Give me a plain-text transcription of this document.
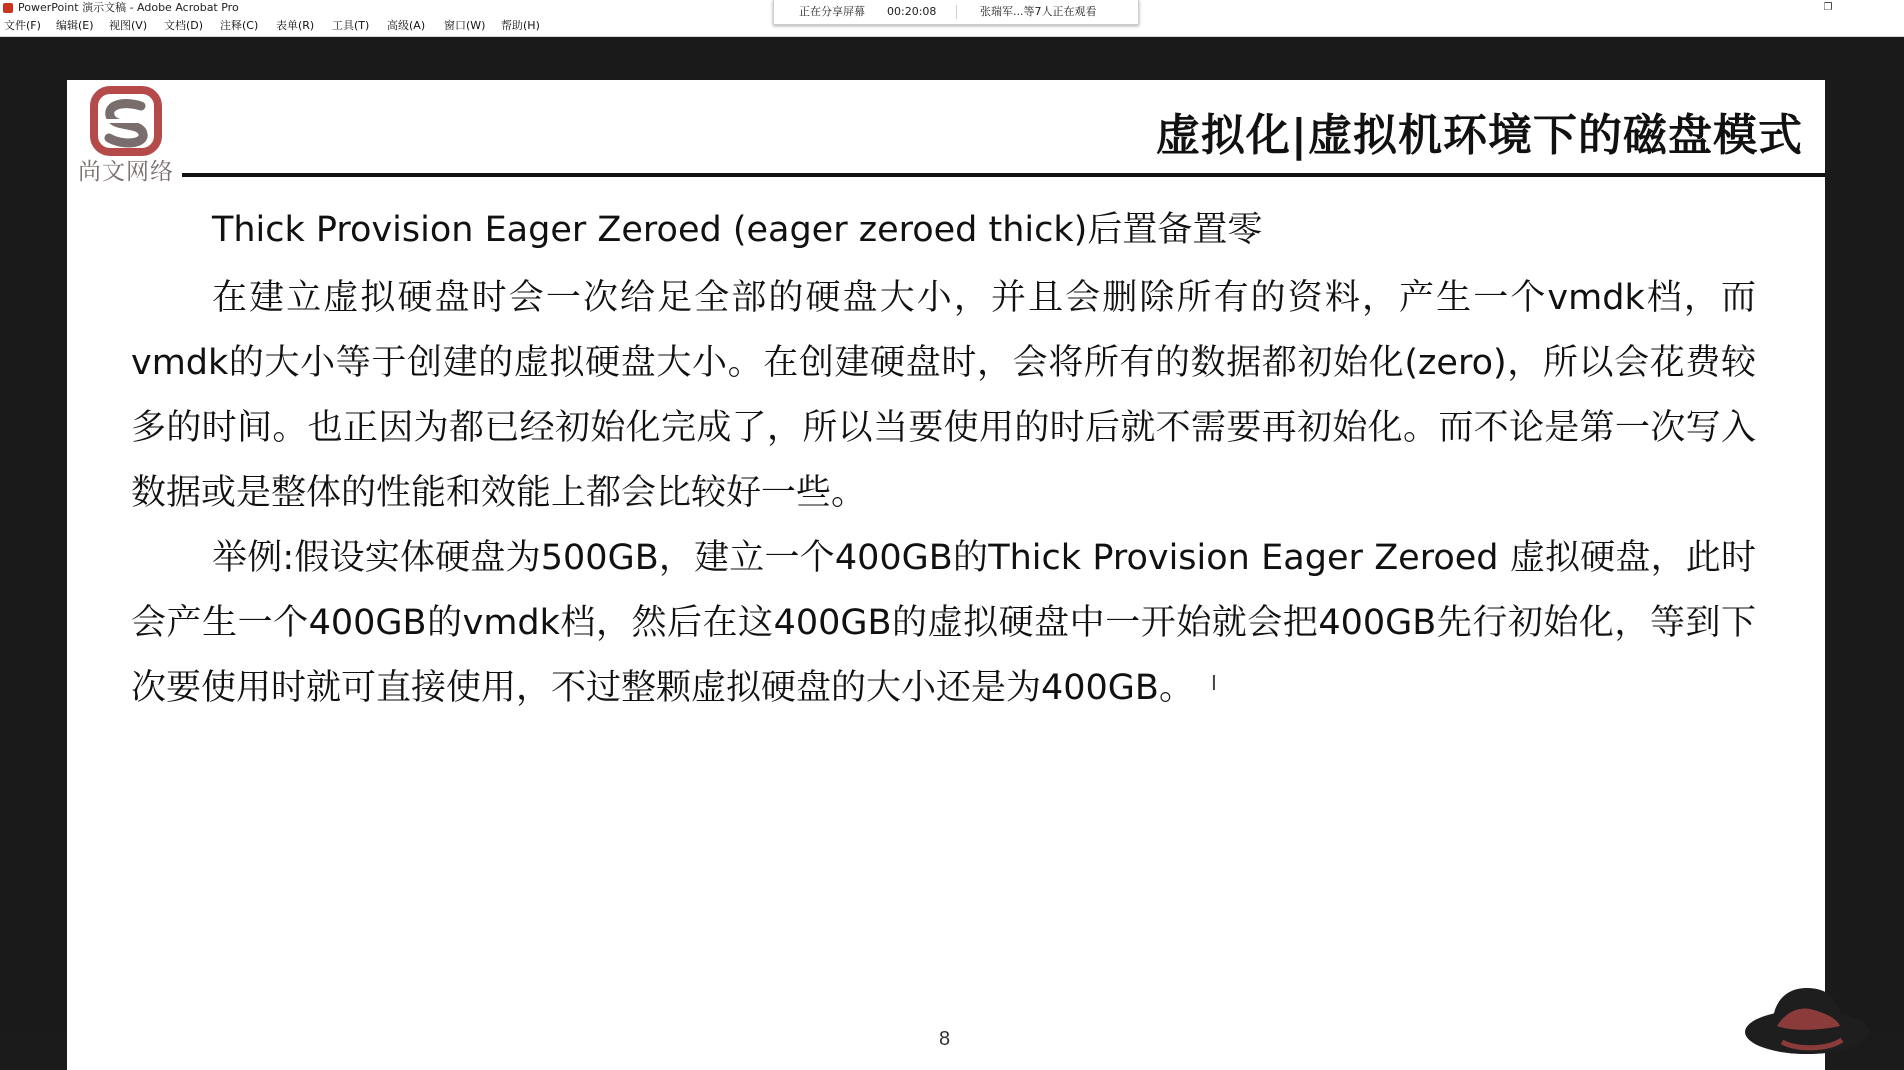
PowerPoint 演示文稿 - Adobe Acrobat Pro	❐
文件(F)	编辑(E)	视图(V)	文档(D)	注释(C)	表单(R)	工具(T)	高级(A)	窗口(W)	帮助(H)
正在分享屏幕 00:20:08	张瑞军...等7人正在观看
尚文网络
虚拟化|虚拟机环境下的磁盘模式

Thick Provision Eager Zeroed (eager zeroed thick)后置备置零

在建立虚拟硬盘时会一次给足全部的硬盘大小，并且会删除所有的资料，产生一个vmdk档，而vmdk的大小等于创建的虚拟硬盘大小。在创建硬盘时，会将所有的数据都初始化(zero)，所以会花费较多的时间。也正因为都已经初始化完成了，所以当要使用的时后就不需要再初始化。而不论是第一次写入数据或是整体的性能和效能上都会比较好一些。

举例:假设实体硬盘为500GB，建立一个400GB的Thick Provision Eager Zeroed 虚拟硬盘，此时会产生一个400GB的vmdk档，然后在这400GB的虚拟硬盘中一开始就会把400GB先行初始化，等到下次要使用时就可直接使用，不过整颗虚拟硬盘的大小还是为400GB。 I
8
